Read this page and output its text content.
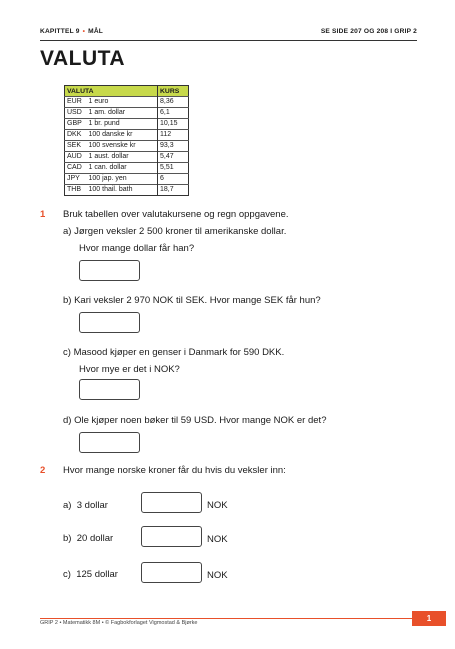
KAPITTEL 9 • MÅL	SE SIDE 207 OG 208 I GRIP 2
VALUTA
VALUTA		KURS
EUR	1 euro	8,36
USD	1 am. dollar	6,1
GBP	1 br. pund	10,15
DKK	100 danske kr	112
SEK	100 svenske kr	93,3
AUD	1 aust. dollar	5,47
CAD	1 can. dollar	5,51
JPY	100 jap. yen	6
THB	100 thail. bath	18,7
1 Bruk tabellen over valutakursene og regn oppgavene.
a) Jørgen veksler 2 500 kroner til amerikanske dollar.
Hvor mange dollar får han?
b) Kari veksler 2 970 NOK til SEK. Hvor mange SEK får hun?
c) Masood kjøper en genser i Danmark for 590 DKK.
Hvor mye er det i NOK?
d) Ole kjøper noen bøker til 59 USD. Hvor mange NOK er det?
2 Hvor mange norske kroner får du hvis du veksler inn:
a) 3 dollar	NOK
b) 20 dollar	NOK
c) 125 dollar	NOK
GRIP 2 • Matematikk 8M • © Fagbokforlaget Vigmostad & Bjørke	1
